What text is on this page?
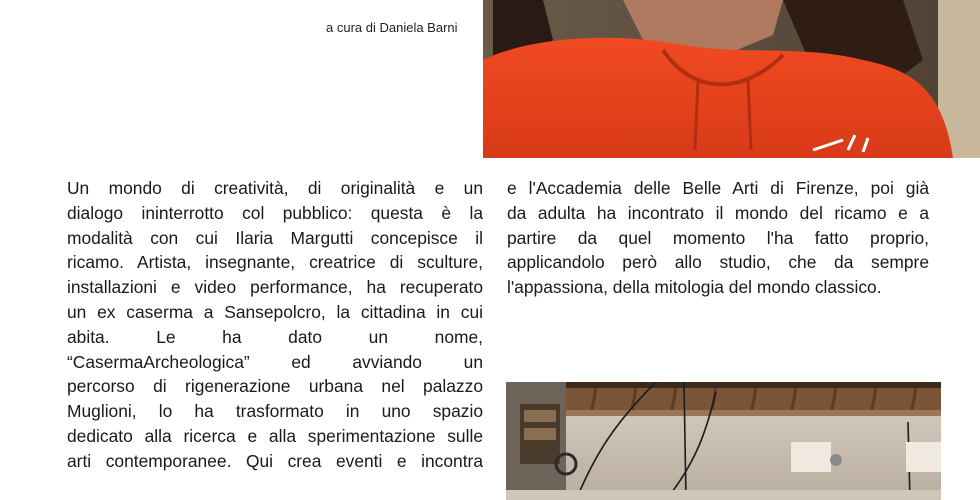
a cura di Daniela Barni
Un mondo di creatività, di originalità e un
dialogo ininterrotto col pubblico: questa è la
modalità con cui Ilaria Margutti concepisce il
ricamo. Artista, insegnante, creatrice di sculture,
installazioni e video performance, ha recuperato
un ex caserma a Sansepolcro, la cittadina in cui
abita. Le ha dato un nome,
“CasermaArcheologica” ed avviando un
percorso di rigenerazione urbana nel palazzo
Muglioni, lo ha trasformato in uno spazio
dedicato alla ricerca e alla sperimentazione sulle
arti contemporanee. Qui crea eventi e incontra
e l'Accademia delle Belle Arti di Firenze, poi già
da adulta ha incontrato il mondo del ricamo e a
partire da quel momento l'ha fatto proprio,
applicandolo però allo studio, che da sempre
l'appassiona, della mitologia del mondo classico.
